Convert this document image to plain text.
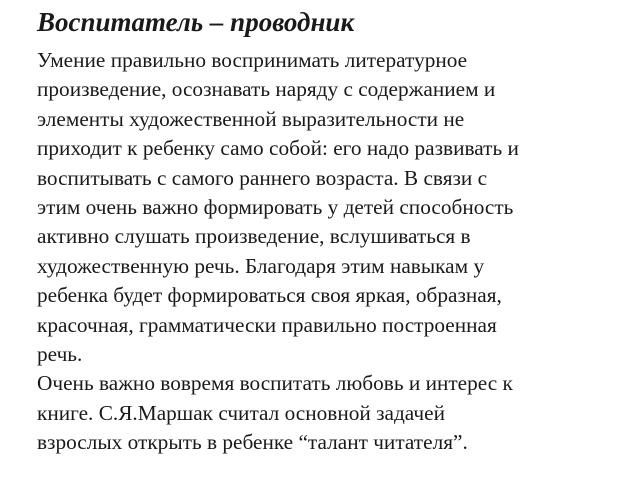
Воспитатель – проводник
Умение правильно воспринимать литературное
произведение, осознавать наряду с содержанием и
элементы художественной выразительности не
приходит к ребенку само собой: его надо развивать и
воспитывать с самого раннего возраста. В связи с
этим очень важно формировать у детей способность
активно слушать произведение, вслушиваться в
художественную речь. Благодаря этим навыкам у
ребенка будет формироваться своя яркая, образная,
красочная, грамматически правильно построенная
речь.
Очень важно вовремя воспитать любовь и интерес к
книге. С.Я.Маршак считал основной задачей
взрослых открыть в ребенке “талант читателя”.
